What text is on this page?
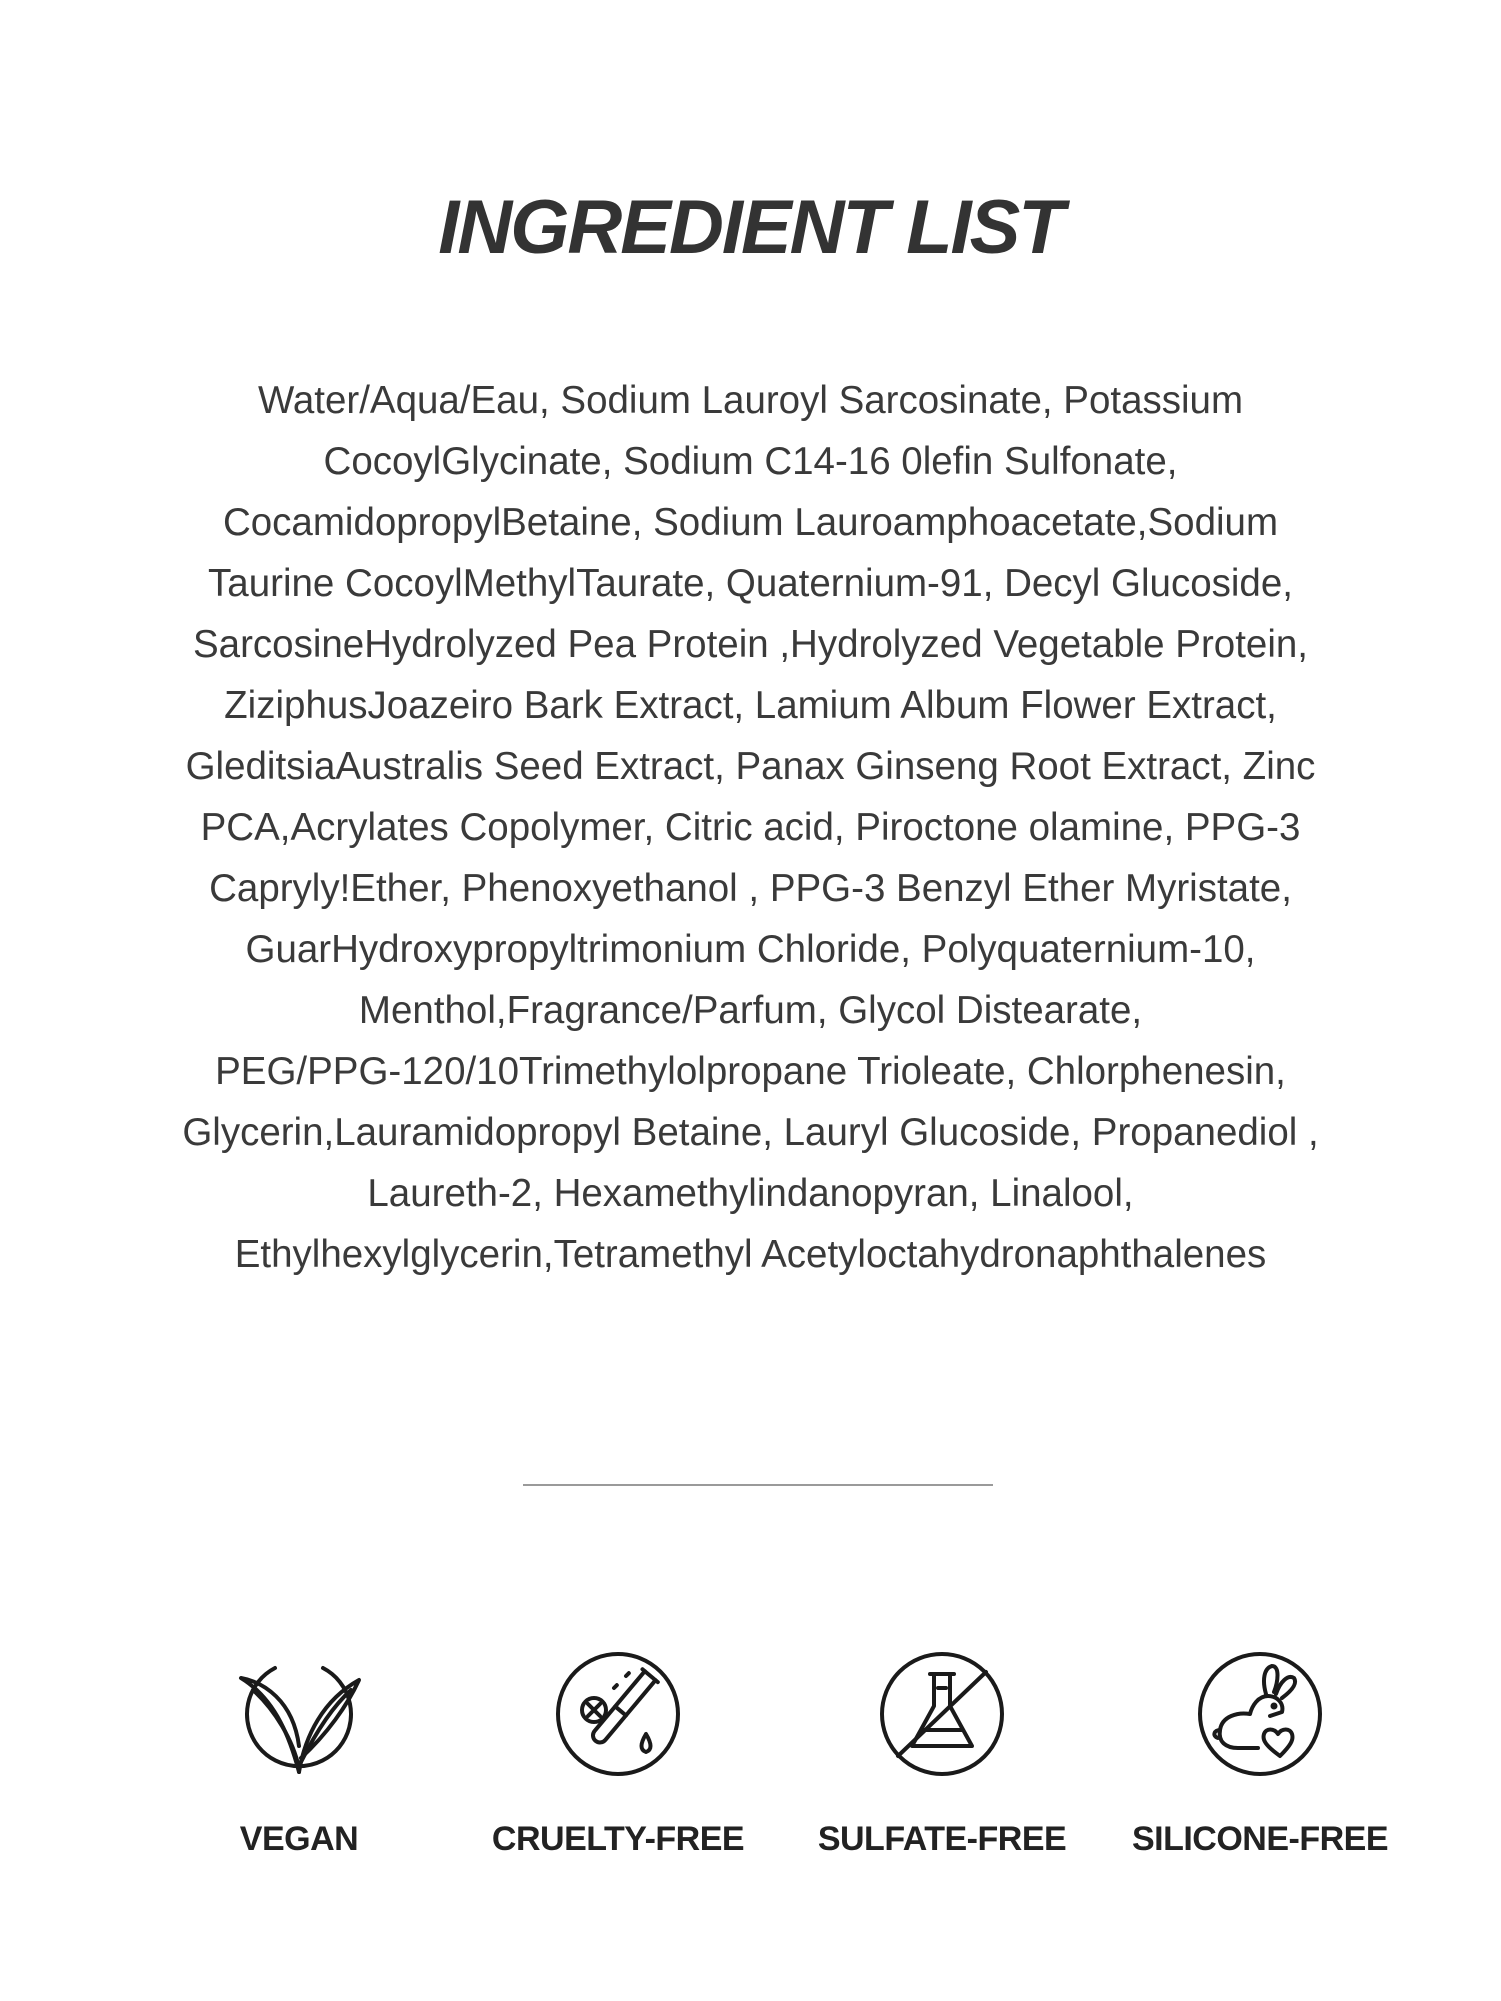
INGREDIENT LIST
Water/Aqua/Eau, Sodium Lauroyl Sarcosinate, Potassium
CocoylGlycinate, Sodium C14-16 0lefin Sulfonate,
CocamidopropylBetaine, Sodium Lauroamphoacetate,Sodium
Taurine CocoylMethylTaurate, Quaternium-91, Decyl Glucoside,
SarcosineHydrolyzed Pea Protein ,Hydrolyzed Vegetable Protein,
ZiziphusJoazeiro Bark Extract, Lamium Album Flower Extract,
GleditsiaAustralis Seed Extract, Panax Ginseng Root Extract, Zinc
PCA,Acrylates Copolymer, Citric acid, Piroctone olamine, PPG-3
Capryly!Ether, Phenoxyethanol , PPG-3 Benzyl Ether Myristate,
GuarHydroxypropyltrimonium Chloride, Polyquaternium-10,
Menthol,Fragrance/Parfum, Glycol Distearate,
PEG/PPG-120/10Trimethylolpropane Trioleate, Chlorphenesin,
Glycerin,Lauramidopropyl Betaine, Lauryl Glucoside, Propanediol ,
Laureth-2, Hexamethylindanopyran, Linalool,
Ethylhexylglycerin,Tetramethyl Acetyloctahydronaphthalenes
VEGAN	CRUELTY-FREE	SULFATE-FREE	SILICONE-FREE
